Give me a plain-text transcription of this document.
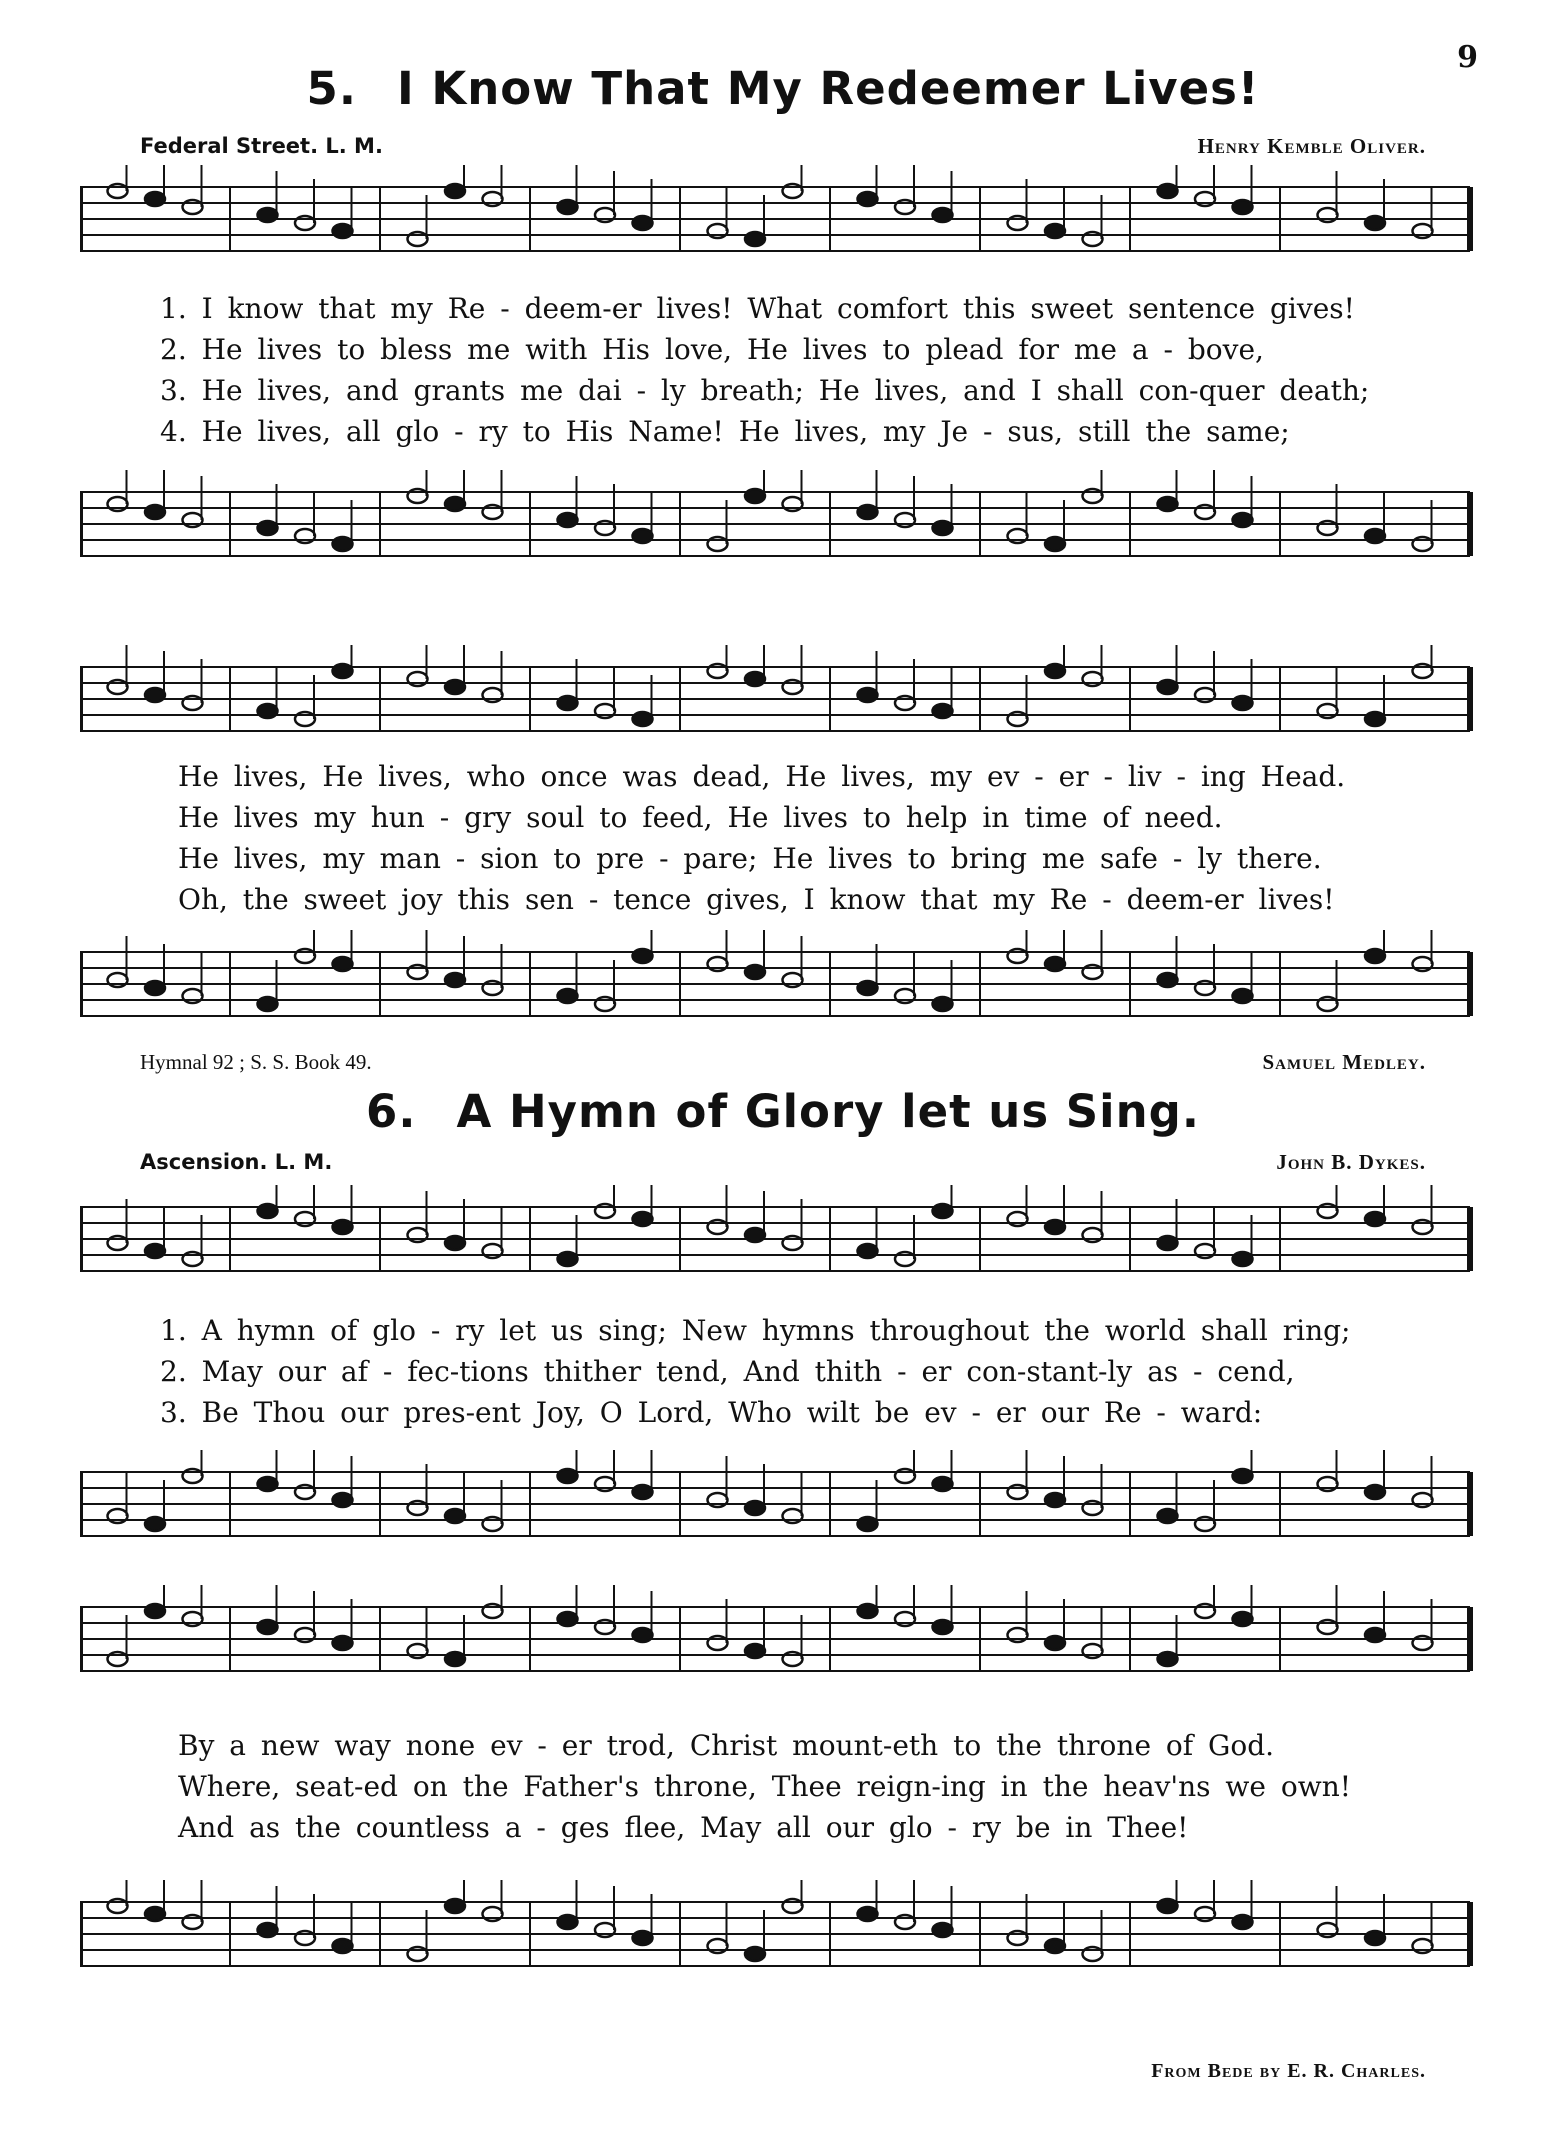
9
5. I Know That My Redeemer Lives!
Federal Street. L. M.	Henry Kemble Oliver.
1. I know that my Re - deem-er lives! What comfort this sweet sentence gives!
2. He lives to bless me with His love, He lives to plead for me a - bove,
3. He lives, and grants me dai - ly breath; He lives, and I shall con-quer death;
4. He lives, all glo - ry to His Name! He lives, my Je - sus, still the same;
He lives, He lives, who once was dead, He lives, my ev - er - liv - ing Head.
He lives my hun - gry soul to feed, He lives to help in time of need.
He lives, my man - sion to pre - pare; He lives to bring me safe - ly there.
Oh, the sweet joy this sen - tence gives, I know that my Re - deem-er lives!
Hymnal 92 ; S. S. Book 49.	Samuel Medley.
6. A Hymn of Glory let us Sing.
Ascension. L. M.	John B. Dykes.
1. A hymn of glo - ry let us sing; New hymns throughout the world shall ring;
2. May our af - fec-tions thither tend, And thith - er con-stant-ly as - cend,
3. Be Thou our pres-ent Joy, O Lord, Who wilt be ev - er our Re - ward:
By a new way none ev - er trod, Christ mount-eth to the throne of God.
Where, seat-ed on the Father's throne, Thee reign-ing in the heav'ns we own!
And as the countless a - ges flee, May all our glo - ry be in Thee!
From Bede by E. R. Charles.
